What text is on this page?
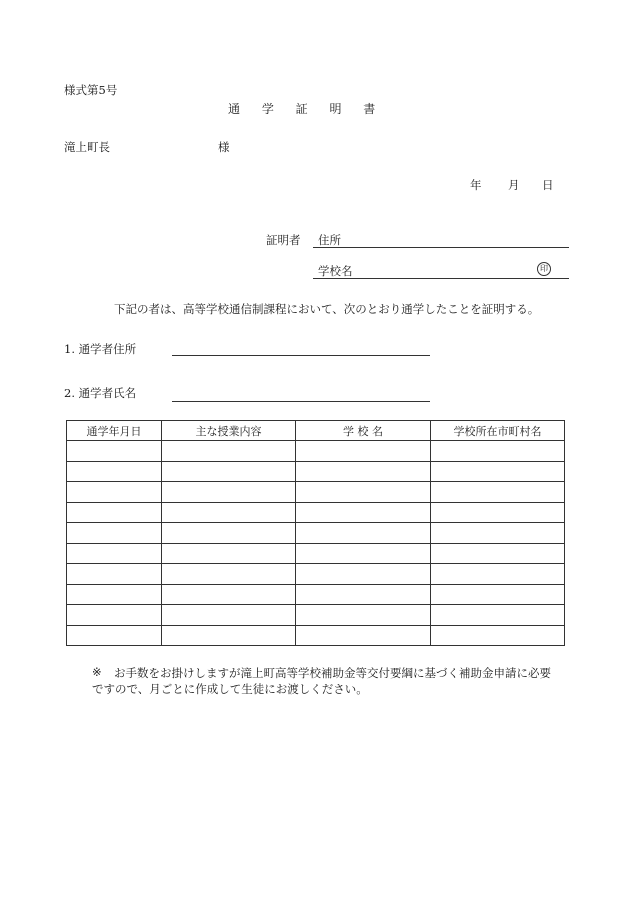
様式第5号
通 学 証 明 書
滝上町長	様
年 月 日
証明者 住所
学校名	印
下記の者は、高等学校通信制課程において、次のとおり通学したことを証明する。
1. 通学者住所
2. 通学者氏名
通学年月日	主な授業内容	学 校 名	学校所在市町村名

※ お手数をお掛けしますが滝上町高等学校補助金等交付要綱に基づく補助金申請に必要
ですので、月ごとに作成して生徒にお渡しください。
